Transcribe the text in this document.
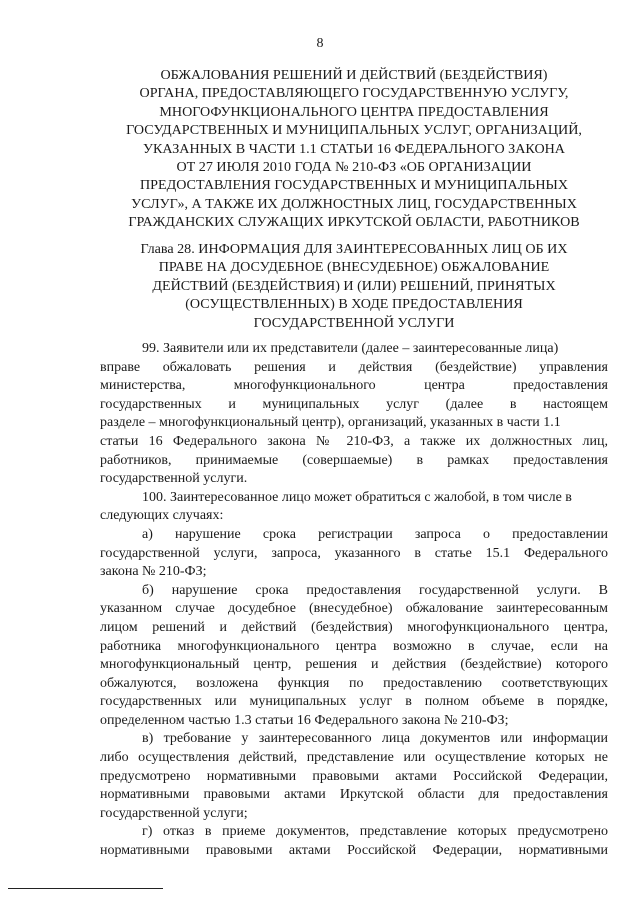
8
ОБЖАЛОВАНИЯ РЕШЕНИЙ И ДЕЙСТВИЙ (БЕЗДЕЙСТВИЯ)
ОРГАНА, ПРЕДОСТАВЛЯЮЩЕГО ГОСУДАРСТВЕННУЮ УСЛУГУ,
МНОГОФУНКЦИОНАЛЬНОГО ЦЕНТРА ПРЕДОСТАВЛЕНИЯ
ГОСУДАРСТВЕННЫХ И МУНИЦИПАЛЬНЫХ УСЛУГ, ОРГАНИЗАЦИЙ,
УКАЗАННЫХ В ЧАСТИ 1.1 СТАТЬИ 16 ФЕДЕРАЛЬНОГО ЗАКОНА
ОТ 27 ИЮЛЯ 2010 ГОДА № 210-ФЗ «ОБ ОРГАНИЗАЦИИ
ПРЕДОСТАВЛЕНИЯ ГОСУДАРСТВЕННЫХ И МУНИЦИПАЛЬНЫХ
УСЛУГ», А ТАКЖЕ ИХ ДОЛЖНОСТНЫХ ЛИЦ, ГОСУДАРСТВЕННЫХ
ГРАЖДАНСКИХ СЛУЖАЩИХ ИРКУТСКОЙ ОБЛАСТИ, РАБОТНИКОВ
Глава 28. ИНФОРМАЦИЯ ДЛЯ ЗАИНТЕРЕСОВАННЫХ ЛИЦ ОБ ИХ
ПРАВЕ НА ДОСУДЕБНОЕ (ВНЕСУДЕБНОЕ) ОБЖАЛОВАНИЕ
ДЕЙСТВИЙ (БЕЗДЕЙСТВИЯ) И (ИЛИ) РЕШЕНИЙ, ПРИНЯТЫХ
(ОСУЩЕСТВЛЕННЫХ) В ХОДЕ ПРЕДОСТАВЛЕНИЯ
ГОСУДАРСТВЕННОЙ УСЛУГИ
99. Заявители или их представители (далее – заинтересованные лица)
вправе обжаловать решения и действия (бездействие) управления
министерства, многофункционального центра предоставления
государственных и муниципальных услуг (далее в настоящем
разделе – многофункциональный центр), организаций, указанных в части 1.1
статьи 16 Федерального закона № 210-ФЗ, а также их должностных лиц,
работников, принимаемые (совершаемые) в рамках предоставления
государственной услуги.
100. Заинтересованное лицо может обратиться с жалобой, в том числе в
следующих случаях:
а) нарушение срока регистрации запроса о предоставлении
государственной услуги, запроса, указанного в статье 15.1 Федерального
закона № 210-ФЗ;
б) нарушение срока предоставления государственной услуги. В
указанном случае досудебное (внесудебное) обжалование заинтересованным
лицом решений и действий (бездействия) многофункционального центра,
работника многофункционального центра возможно в случае, если на
многофункциональный центр, решения и действия (бездействие) которого
обжалуются, возложена функция по предоставлению соответствующих
государственных или муниципальных услуг в полном объеме в порядке,
определенном частью 1.3 статьи 16 Федерального закона № 210-ФЗ;
в) требование у заинтересованного лица документов или информации
либо осуществления действий, представление или осуществление которых не
предусмотрено нормативными правовыми актами Российской Федерации,
нормативными правовыми актами Иркутской области для предоставления
государственной услуги;
г) отказ в приеме документов, представление которых предусмотрено
нормативными правовыми актами Российской Федерации, нормативными
